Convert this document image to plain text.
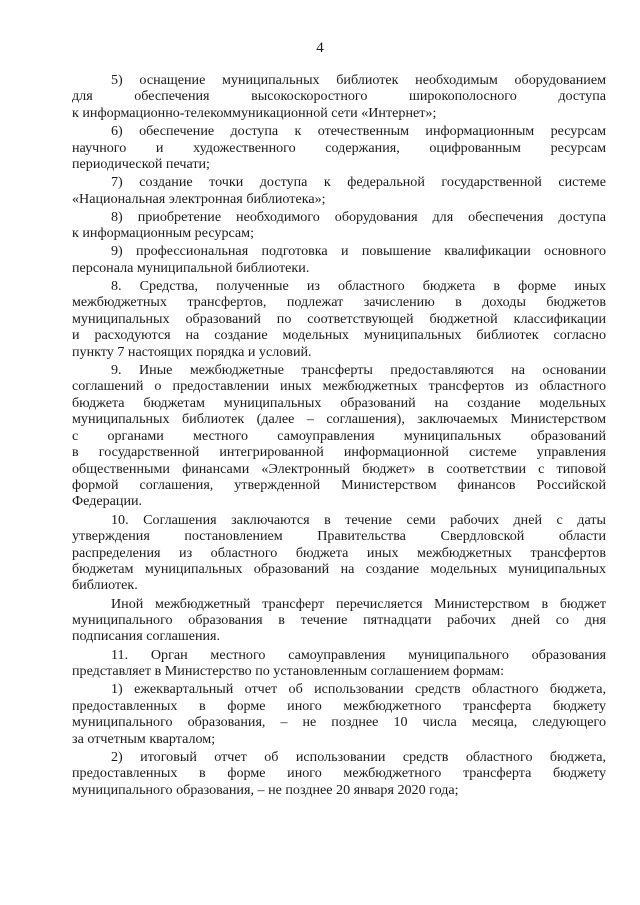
4
5) оснащение муниципальных библиотек необходимым оборудованием
для обеспечения высокоскоростного широкополосного доступа
к информационно-телекоммуникационной сети «Интернет»;
6) обеспечение доступа к отечественным информационным ресурсам
научного и художественного содержания, оцифрованным ресурсам
периодической печати;
7) создание точки доступа к федеральной государственной системе
«Национальная электронная библиотека»;
8) приобретение необходимого оборудования для обеспечения доступа
к информационным ресурсам;
9) профессиональная подготовка и повышение квалификации основного
персонала муниципальной библиотеки.
8. Средства, полученные из областного бюджета в форме иных
межбюджетных трансфертов, подлежат зачислению в доходы бюджетов
муниципальных образований по соответствующей бюджетной классификации
и расходуются на создание модельных муниципальных библиотек согласно
пункту 7 настоящих порядка и условий.
9. Иные межбюджетные трансферты предоставляются на основании
соглашений о предоставлении иных межбюджетных трансфертов из областного
бюджета бюджетам муниципальных образований на создание модельных
муниципальных библиотек (далее – соглашения), заключаемых Министерством
с органами местного самоуправления муниципальных образований
в государственной интегрированной информационной системе управления
общественными финансами «Электронный бюджет» в соответствии с типовой
формой соглашения, утвержденной Министерством финансов Российской
Федерации.
10. Соглашения заключаются в течение семи рабочих дней с даты
утверждения постановлением Правительства Свердловской области
распределения из областного бюджета иных межбюджетных трансфертов
бюджетам муниципальных образований на создание модельных муниципальных
библиотек.
Иной межбюджетный трансферт перечисляется Министерством в бюджет
муниципального образования в течение пятнадцати рабочих дней со дня
подписания соглашения.
11. Орган местного самоуправления муниципального образования
представляет в Министерство по установленным соглашением формам:
1) ежеквартальный отчет об использовании средств областного бюджета,
предоставленных в форме иного межбюджетного трансферта бюджету
муниципального образования, – не позднее 10 числа месяца, следующего
за отчетным кварталом;
2) итоговый отчет об использовании средств областного бюджета,
предоставленных в форме иного межбюджетного трансферта бюджету
муниципального образования, – не позднее 20 января 2020 года;
